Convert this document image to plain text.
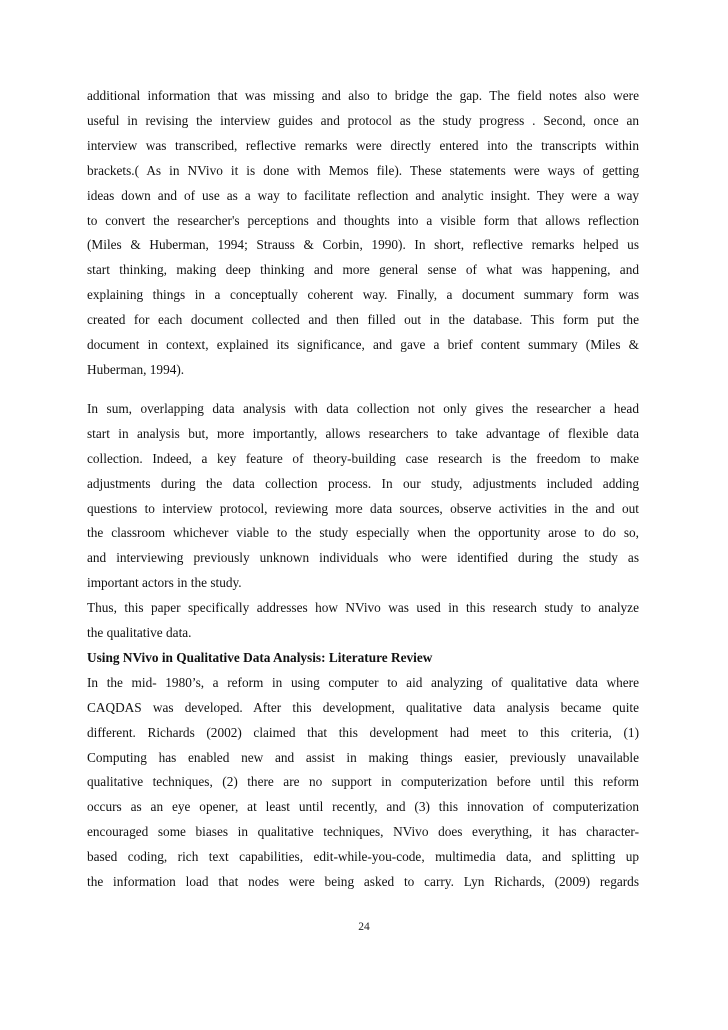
additional information that was missing and also to bridge the gap. The field notes also were
useful in revising the interview guides and protocol as the study progress . Second, once an
interview was transcribed, reflective remarks were directly entered into the transcripts within
brackets.( As in NVivo it is done with Memos file). These statements were ways of getting
ideas down and of use as a way to facilitate reflection and analytic insight. They were a way
to convert the researcher's perceptions and thoughts into a visible form that allows reflection
(Miles & Huberman, 1994; Strauss & Corbin, 1990). In short, reflective remarks helped us
start thinking, making deep thinking and more general sense of what was happening, and
explaining things in a conceptually coherent way. Finally, a document summary form was
created for each document collected and then filled out in the database. This form put the
document in context, explained its significance, and gave a brief content summary (Miles &
Huberman, 1994).
In sum, overlapping data analysis with data collection not only gives the researcher a head
start in analysis but, more importantly, allows researchers to take advantage of flexible data
collection. Indeed, a key feature of theory-building case research is the freedom to make
adjustments during the data collection process. In our study, adjustments included adding
questions to interview protocol, reviewing more data sources, observe activities in the and out
the classroom whichever viable to the study especially when the opportunity arose to do so,
and interviewing previously unknown individuals who were identified during the study as
important actors in the study.
Thus, this paper specifically addresses how NVivo was used in this research study to analyze
the qualitative data.
Using NVivo in Qualitative Data Analysis: Literature Review
In the mid- 1980’s, a reform in using computer to aid analyzing of qualitative data where
CAQDAS was developed. After this development, qualitative data analysis became quite
different. Richards (2002) claimed that this development had meet to this criteria, (1)
Computing has enabled new and assist in making things easier, previously unavailable
qualitative techniques, (2) there are no support in computerization before until this reform
occurs as an eye opener, at least until recently, and (3) this innovation of computerization
encouraged some biases in qualitative techniques, NVivo does everything, it has character-
based coding, rich text capabilities, edit-while-you-code, multimedia data, and splitting up
the information load that nodes were being asked to carry. Lyn Richards, (2009) regards
24
